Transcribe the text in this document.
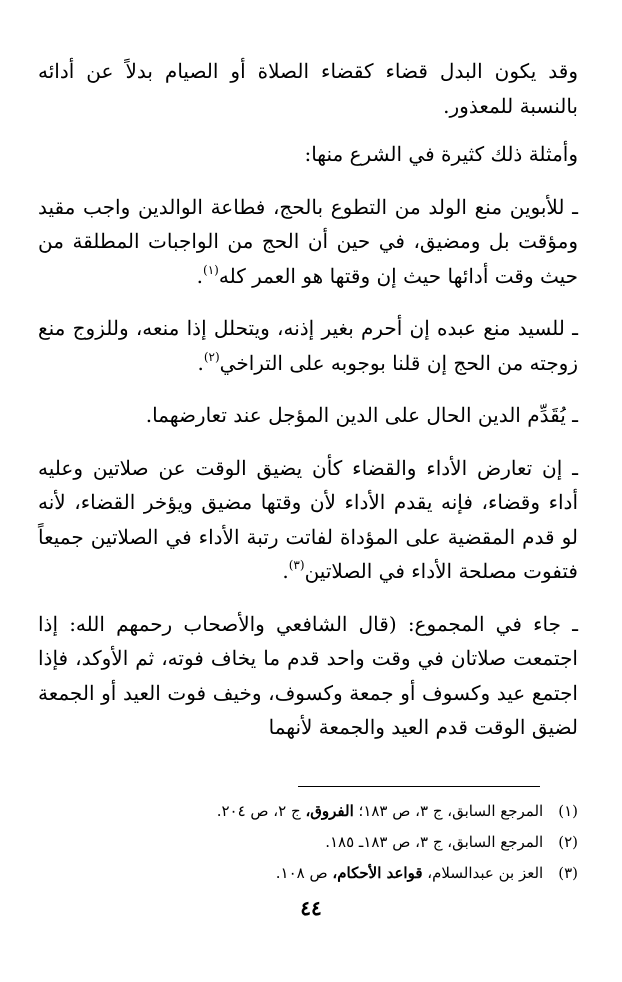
وقد يكون البدل قضاء كقضاء الصلاة أو الصيام بدلاً عن أدائه بالنسبة للمعذور.

وأمثلة ذلك كثيرة في الشرع منها:

ـ للأبوين منع الولد من التطوع بالحج، فطاعة الوالدين واجب مقيد ومؤقت بل ومضيق، في حين أن الحج من الواجبات المطلقة من حيث وقت أدائها حيث إن وقتها هو العمر كله$^{(١)}$.

ـ للسيد منع عبده إن أحرم بغير إذنه، ويتحلل إذا منعه، وللزوج منع زوجته من الحج إن قلنا بوجوبه على التراخي$^{(٢)}$.

ـ يُقَدِّم الدين الحال على الدين المؤجل عند تعارضهما.

ـ إن تعارض الأداء والقضاء كأن يضيق الوقت عن صلاتين وعليه أداء وقضاء، فإنه يقدم الأداء لأن وقتها مضيق ويؤخر القضاء، لأنه لو قدم المقضية على المؤداة لفاتت رتبة الأداء في الصلاتين جميعاً فتفوت مصلحة الأداء في الصلاتين$^{(٣)}$.

ـ جاء في المجموع: (قال الشافعي والأصحاب رحمهم الله: إذا اجتمعت صلاتان في وقت واحد قدم ما يخاف فوته، ثم الأوكد، فإذا اجتمع عيد وكسوف أو جمعة وكسوف، وخيف فوت العيد أو الجمعة لضيق الوقت قدم العيد والجمعة لأنهما

(١) المرجع السابق، ج ٣، ص ١٨٣؛ الفروق، ج ٢، ص ٢٠٤.

(٢) المرجع السابق، ج ٣، ص ١٨٣ـ ١٨٥.

(٣) العز بن عبدالسلام، قواعد الأحكام، ص ١٠٨.

٤٤
